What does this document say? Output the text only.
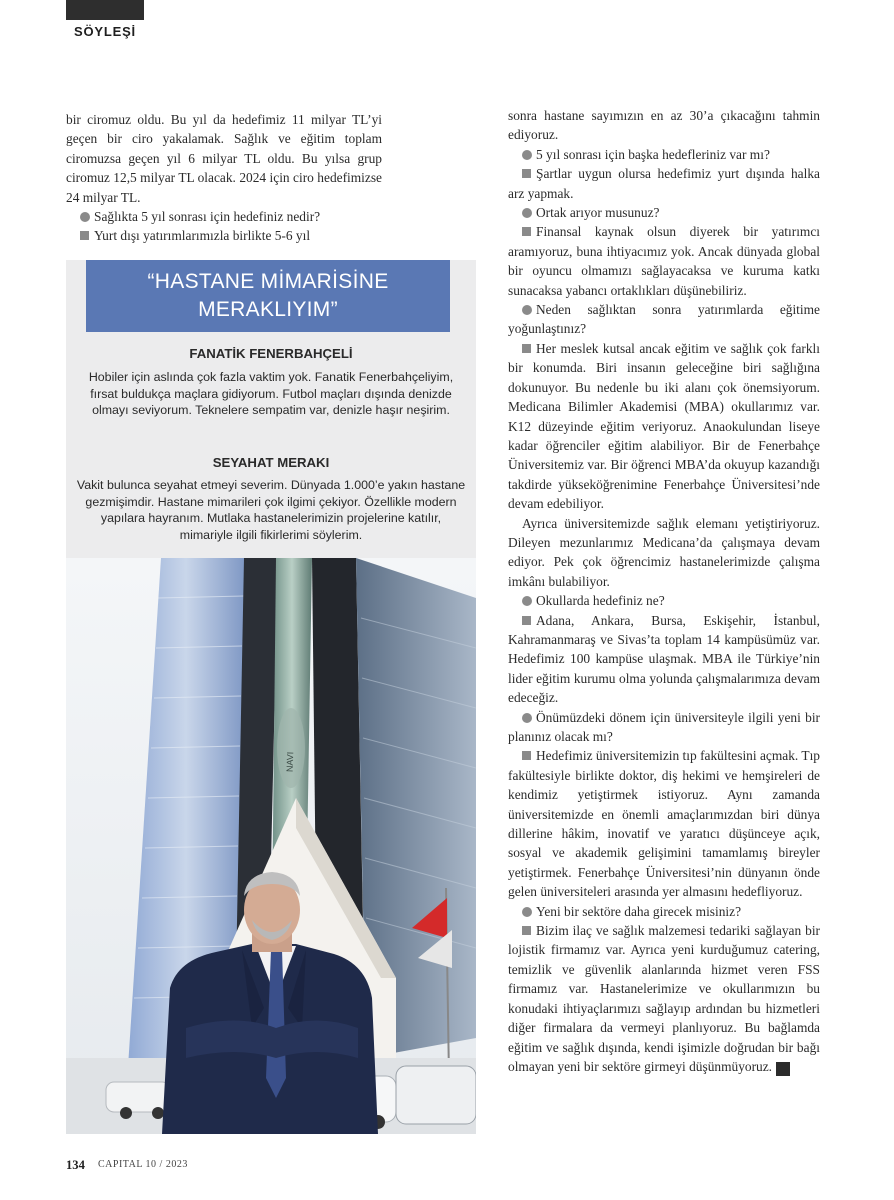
SÖYLEŞİ

bir ciromuz oldu. Bu yıl da hedefimiz 11 milyar TL’yi geçen bir ciro yakalamak. Sağlık ve eğitim toplam ciromuzsa geçen yıl 6 milyar TL oldu. Bu yılsa grup ciromuz 12,5 milyar TL olacak. 2024 için ciro hedefimizse 24 milyar TL.

Sağlıkta 5 yıl sonrası için hedefiniz nedir?

Yurt dışı yatırımlarımızla birlikte 5-6 yıl

“HASTANE MİMARİSİNE
MERAKLIYIM”
FANATİK FENERBAHÇELİ
Hobiler için aslında çok fazla vaktim yok. Fanatik Fenerbahçeliyim, fırsat buldukça maçlara gidiyorum. Futbol maçları dışında denizde olmayı seviyorum. Teknelere sempatim var, denizle haşır neşirim.
SEYAHAT MERAKI
Vakit bulunca seyahat etmeyi severim. Dünyada 1.000’e yakın hastane gezmişimdir. Hastane mimarileri çok ilgimi çekiyor. Özellikle modern yapılara hayranım. Mutlaka hastanelerimizin projelerine katılır, mimariyle ilgili fikirlerimi söylerim.
NAVI

sonra hastane sayımızın en az 30’a çıkacağını tahmin ediyoruz.

5 yıl sonrası için başka hedefleriniz var mı?

Şartlar uygun olursa hedefimiz yurt dışında halka arz yapmak.

Ortak arıyor musunuz?

Finansal kaynak olsun diyerek bir yatırımcı aramıyoruz, buna ihtiyacımız yok. Ancak dünyada global bir oyuncu olmamızı sağlayacaksa ve kuruma katkı sunacaksa yabancı ortaklıkları düşünebiliriz.

Neden sağlıktan sonra yatırımlarda eğitime yoğunlaştınız?

Her meslek kutsal ancak eğitim ve sağlık çok farklı bir konumda. Biri insanın geleceğine biri sağlığına dokunuyor. Bu nedenle bu iki alanı çok önemsiyorum. Medicana Bilimler Akademisi (MBA) okullarımız var. K12 düzeyinde eğitim veriyoruz. Anaokulundan liseye kadar öğrenciler eğitim alabiliyor. Bir de Fenerbahçe Üniversitemiz var. Bir öğrenci MBA’da okuyup kazandığı takdirde yükseköğrenimine Fenerbahçe Üniversitesi’nde devam edebiliyor.

Ayrıca üniversitemizde sağlık elemanı yetiştiriyoruz. Dileyen mezunlarımız Medicana’da çalışmaya devam ediyor. Pek çok öğrencimiz hastanelerimizde çalışma imkânı bulabiliyor.

Okullarda hedefiniz ne?

Adana, Ankara, Bursa, Eskişehir, İstanbul, Kahramanmaraş ve Sivas’ta toplam 14 kampüsümüz var. Hedefimiz 100 kampüse ulaşmak. MBA ile Türkiye’nin lider eğitim kurumu olma yolunda çalışmalarımıza devam edeceğiz.

Önümüzdeki dönem için üniversiteyle ilgili yeni bir planınız olacak mı?

Hedefimiz üniversitemizin tıp fakültesini açmak. Tıp fakültesiyle birlikte doktor, diş hekimi ve hemşireleri de kendimiz yetiştirmek istiyoruz. Aynı zamanda üniversitemizde en önemli amaçlarımızdan biri dünya dillerine hâkim, inovatif ve yaratıcı düşünceye açık, sosyal ve akademik gelişimini tamamlamış bireyler yetiştirmek. Fenerbahçe Üniversitesi’nin dünyanın önde gelen üniversiteleri arasında yer almasını hedefliyoruz.

Yeni bir sektöre daha girecek misiniz?

Bizim ilaç ve sağlık malzemesi tedariki sağlayan bir lojistik firmamız var. Ayrıca yeni kurduğumuz catering, temizlik ve güvenlik alanlarında hizmet veren FSS firmamız var. Hastanelerimize ve okullarımızın bu konudaki ihtiyaçlarımızı sağlayıp ardından bu hizmetleri diğer firmalara da vermeyi planlıyoruz. Bu bağlamda eğitim ve sağlık dışında, kendi işimizle doğrudan bir bağı olmayan yeni bir sektöre girmeyi düşünmüyoruz. C

134 CAPITAL 10 / 2023
